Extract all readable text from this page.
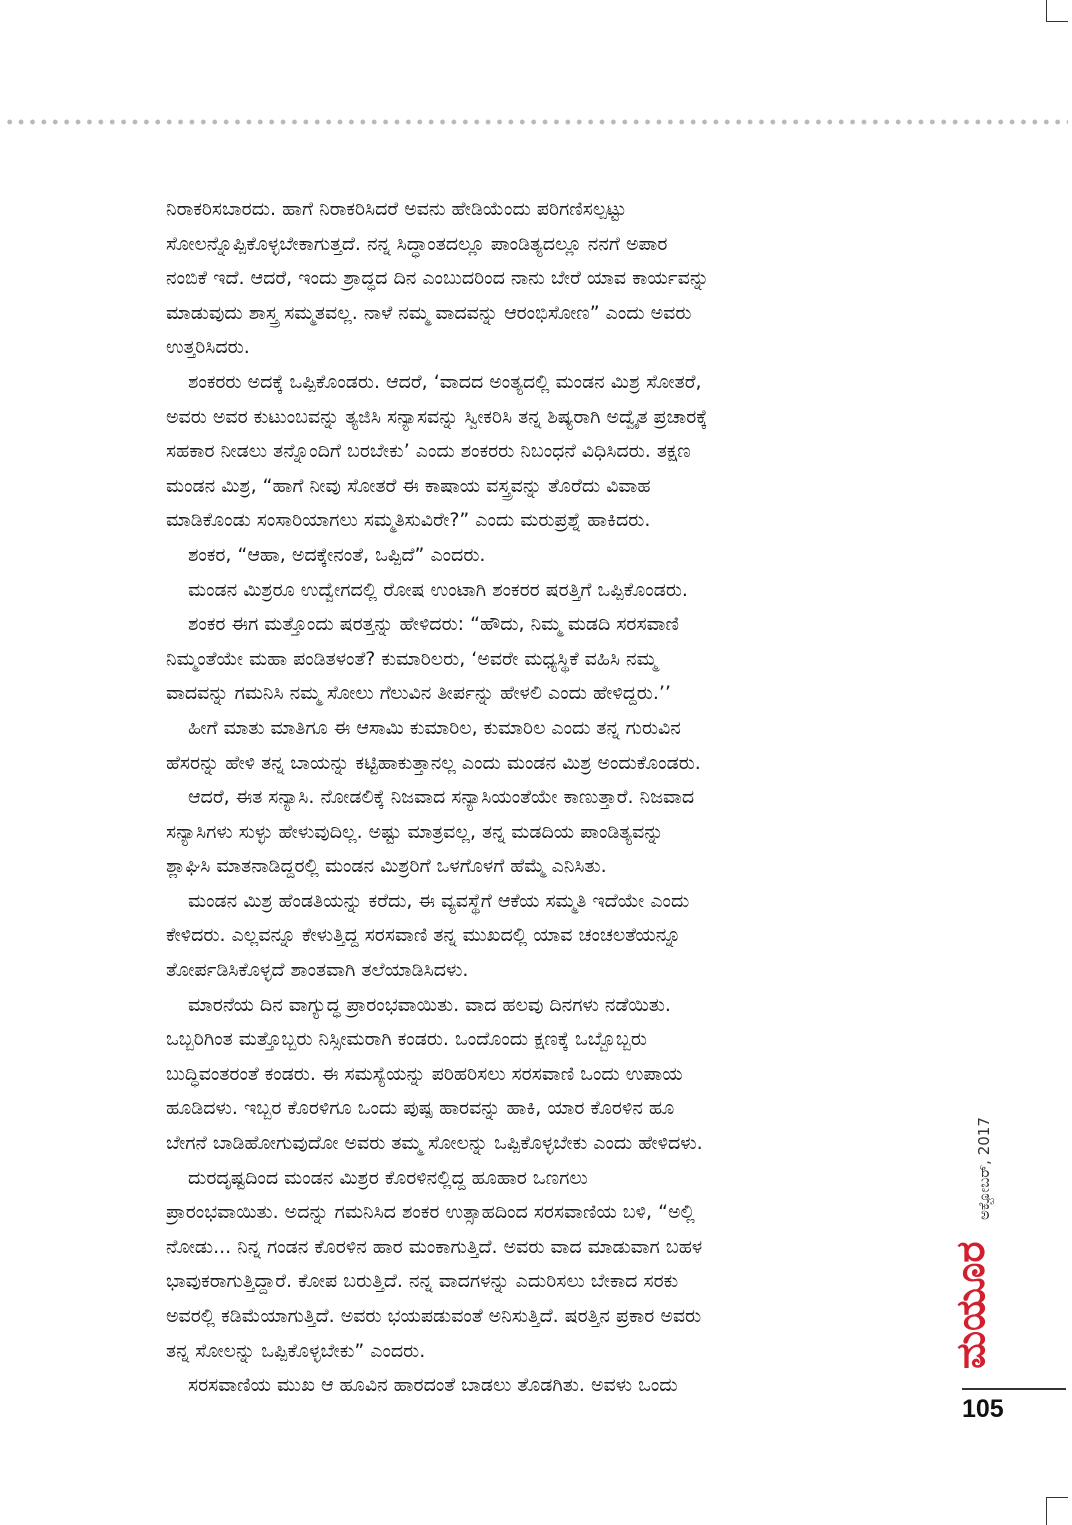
ನಿರಾಕರಿಸಬಾರದು. ಹಾಗೆ ನಿರಾಕರಿಸಿದರೆ ಅವನು ಹೇಡಿಯೆಂದು ಪರಿಗಣಿಸಲ್ಪಟ್ಟು
ಸೋಲನ್ನೊಪ್ಪಿಕೊಳ್ಳಬೇಕಾಗುತ್ತದೆ. ನನ್ನ ಸಿದ್ಧಾಂತದಲ್ಲೂ ಪಾಂಡಿತ್ಯದಲ್ಲೂ ನನಗೆ ಅಪಾರ
ನಂಬಿಕೆ ಇದೆ. ಆದರೆ, ಇಂದು ಶ್ರಾದ್ಧದ ದಿನ ಎಂಬುದರಿಂದ ನಾನು ಬೇರೆ ಯಾವ ಕಾರ್ಯವನ್ನು
ಮಾಡುವುದು ಶಾಸ್ತ್ರ ಸಮ್ಮತವಲ್ಲ. ನಾಳೆ ನಮ್ಮ ವಾದವನ್ನು ಆರಂಭಿಸೋಣ” ಎಂದು ಅವರು
ಉತ್ತರಿಸಿದರು.
ಶಂಕರರು ಅದಕ್ಕೆ ಒಪ್ಪಿಕೊಂಡರು. ಆದರೆ, ‘ವಾದದ ಅಂತ್ಯದಲ್ಲಿ ಮಂಡನ ಮಿಶ್ರ ಸೋತರೆ,
ಅವರು ಅವರ ಕುಟುಂಬವನ್ನು ತ್ಯಜಿಸಿ ಸನ್ಯಾಸವನ್ನು ಸ್ವೀಕರಿಸಿ ತನ್ನ ಶಿಷ್ಯರಾಗಿ ಅದ್ವೈತ ಪ್ರಚಾರಕ್ಕೆ
ಸಹಕಾರ ನೀಡಲು ತನ್ನೊಂದಿಗೆ ಬರಬೇಕು’ ಎಂದು ಶಂಕರರು ನಿಬಂಧನೆ ವಿಧಿಸಿದರು. ತಕ್ಷಣ
ಮಂಡನ ಮಿಶ್ರ, “ಹಾಗೆ ನೀವು ಸೋತರೆ ಈ ಕಾಷಾಯ ವಸ್ತ್ರವನ್ನು ತೊರೆದು ವಿವಾಹ
ಮಾಡಿಕೊಂಡು ಸಂಸಾರಿಯಾಗಲು ಸಮ್ಮತಿಸುವಿರೇ?” ಎಂದು ಮರುಪ್ರಶ್ನೆ ಹಾಕಿದರು.
ಶಂಕರ, “ಆಹಾ, ಅದಕ್ಕೇನಂತೆ, ಒಪ್ಪಿದೆ” ಎಂದರು.
ಮಂಡನ ಮಿಶ್ರರೂ ಉದ್ವೇಗದಲ್ಲಿ ರೋಷ ಉಂಟಾಗಿ ಶಂಕರರ ಷರತ್ತಿಗೆ ಒಪ್ಪಿಕೊಂಡರು.
ಶಂಕರ ಈಗ ಮತ್ತೊಂದು ಷರತ್ತನ್ನು ಹೇಳಿದರು: “ಹೌದು, ನಿಮ್ಮ ಮಡದಿ ಸರಸವಾಣಿ
ನಿಮ್ಮಂತೆಯೇ ಮಹಾ ಪಂಡಿತಳಂತೆ? ಕುಮಾರಿಲರು, ‘ಅವರೇ ಮಧ್ಯಸ್ಥಿಕೆ ವಹಿಸಿ ನಮ್ಮ
ವಾದವನ್ನು ಗಮನಿಸಿ ನಮ್ಮ ಸೋಲು ಗೆಲುವಿನ ತೀರ್ಪನ್ನು ಹೇಳಲಿ ಎಂದು ಹೇಳಿದ್ದರು.’’
ಹೀಗೆ ಮಾತು ಮಾತಿಗೂ ಈ ಆಸಾಮಿ ಕುಮಾರಿಲ, ಕುಮಾರಿಲ ಎಂದು ತನ್ನ ಗುರುವಿನ
ಹೆಸರನ್ನು ಹೇಳಿ ತನ್ನ ಬಾಯನ್ನು ಕಟ್ಟಿಹಾಕುತ್ತಾನಲ್ಲ ಎಂದು ಮಂಡನ ಮಿಶ್ರ ಅಂದುಕೊಂಡರು.
ಆದರೆ, ಈತ ಸನ್ಯಾಸಿ. ನೋಡಲಿಕ್ಕೆ ನಿಜವಾದ ಸನ್ಯಾಸಿಯಂತೆಯೇ ಕಾಣುತ್ತಾರೆ. ನಿಜವಾದ
ಸನ್ಯಾಸಿಗಳು ಸುಳ್ಳು ಹೇಳುವುದಿಲ್ಲ. ಅಷ್ಟು ಮಾತ್ರವಲ್ಲ, ತನ್ನ ಮಡದಿಯ ಪಾಂಡಿತ್ಯವನ್ನು
ಶ್ಲಾಘಿಸಿ ಮಾತನಾಡಿದ್ದರಲ್ಲಿ ಮಂಡನ ಮಿಶ್ರರಿಗೆ ಒಳಗೊಳಗೆ ಹೆಮ್ಮೆ ಎನಿಸಿತು.
ಮಂಡನ ಮಿಶ್ರ ಹೆಂಡತಿಯನ್ನು ಕರೆದು, ಈ ವ್ಯವಸ್ಥೆಗೆ ಆಕೆಯ ಸಮ್ಮತಿ ಇದೆಯೇ ಎಂದು
ಕೇಳಿದರು. ಎಲ್ಲವನ್ನೂ ಕೇಳುತ್ತಿದ್ದ ಸರಸವಾಣಿ ತನ್ನ ಮುಖದಲ್ಲಿ ಯಾವ ಚಂಚಲತೆಯನ್ನೂ
ತೋರ್ಪಡಿಸಿಕೊಳ್ಳದೆ ಶಾಂತವಾಗಿ ತಲೆಯಾಡಿಸಿದಳು.
ಮಾರನೆಯ ದಿನ ವಾಗ್ಯುದ್ಧ ಪ್ರಾರಂಭವಾಯಿತು. ವಾದ ಹಲವು ದಿನಗಳು ನಡೆಯಿತು.
ಒಬ್ಬರಿಗಿಂತ ಮತ್ತೊಬ್ಬರು ನಿಸ್ಸೀಮರಾಗಿ ಕಂಡರು. ಒಂದೊಂದು ಕ್ಷಣಕ್ಕೆ ಒಬ್ಬೊಬ್ಬರು
ಬುದ್ಧಿವಂತರಂತೆ ಕಂಡರು. ಈ ಸಮಸ್ಯೆಯನ್ನು ಪರಿಹರಿಸಲು ಸರಸವಾಣಿ ಒಂದು ಉಪಾಯ
ಹೂಡಿದಳು. ಇಬ್ಬರ ಕೊರಳಿಗೂ ಒಂದು ಪುಷ್ಪ ಹಾರವನ್ನು ಹಾಕಿ, ಯಾರ ಕೊರಳಿನ ಹೂ
ಬೇಗನೆ ಬಾಡಿಹೋಗುವುದೋ ಅವರು ತಮ್ಮ ಸೋಲನ್ನು ಒಪ್ಪಿಕೊಳ್ಳಬೇಕು ಎಂದು ಹೇಳಿದಳು.
ದುರದೃಷ್ಟದಿಂದ ಮಂಡನ ಮಿಶ್ರರ ಕೊರಳಿನಲ್ಲಿದ್ದ ಹೂಹಾರ ಒಣಗಲು
ಪ್ರಾರಂಭವಾಯಿತು. ಅದನ್ನು ಗಮನಿಸಿದ ಶಂಕರ ಉತ್ಸಾಹದಿಂದ ಸರಸವಾಣಿಯ ಬಳಿ, “ಅಲ್ಲಿ
ನೋಡು... ನಿನ್ನ ಗಂಡನ ಕೊರಳಿನ ಹಾರ ಮಂಕಾಗುತ್ತಿದೆ. ಅವರು ವಾದ ಮಾಡುವಾಗ ಬಹಳ
ಭಾವುಕರಾಗುತ್ತಿದ್ದಾರೆ. ಕೋಪ ಬರುತ್ತಿದೆ. ನನ್ನ ವಾದಗಳನ್ನು ಎದುರಿಸಲು ಬೇಕಾದ ಸರಕು
ಅವರಲ್ಲಿ ಕಡಿಮೆಯಾಗುತ್ತಿದೆ. ಅವರು ಭಯಪಡುವಂತೆ ಅನಿಸುತ್ತಿದೆ. ಷರತ್ತಿನ ಪ್ರಕಾರ ಅವರು
ತನ್ನ ಸೋಲನ್ನು ಒಪ್ಪಿಕೊಳ್ಳಬೇಕು” ಎಂದರು.
ಸರಸವಾಣಿಯ ಮುಖ ಆ ಹೂವಿನ ಹಾರದಂತೆ ಬಾಡಲು ತೊಡಗಿತು. ಅವಳು ಒಂದು
ಅಕ್ಟೋಬರ್, 2017
ಮಯೂರ
105
